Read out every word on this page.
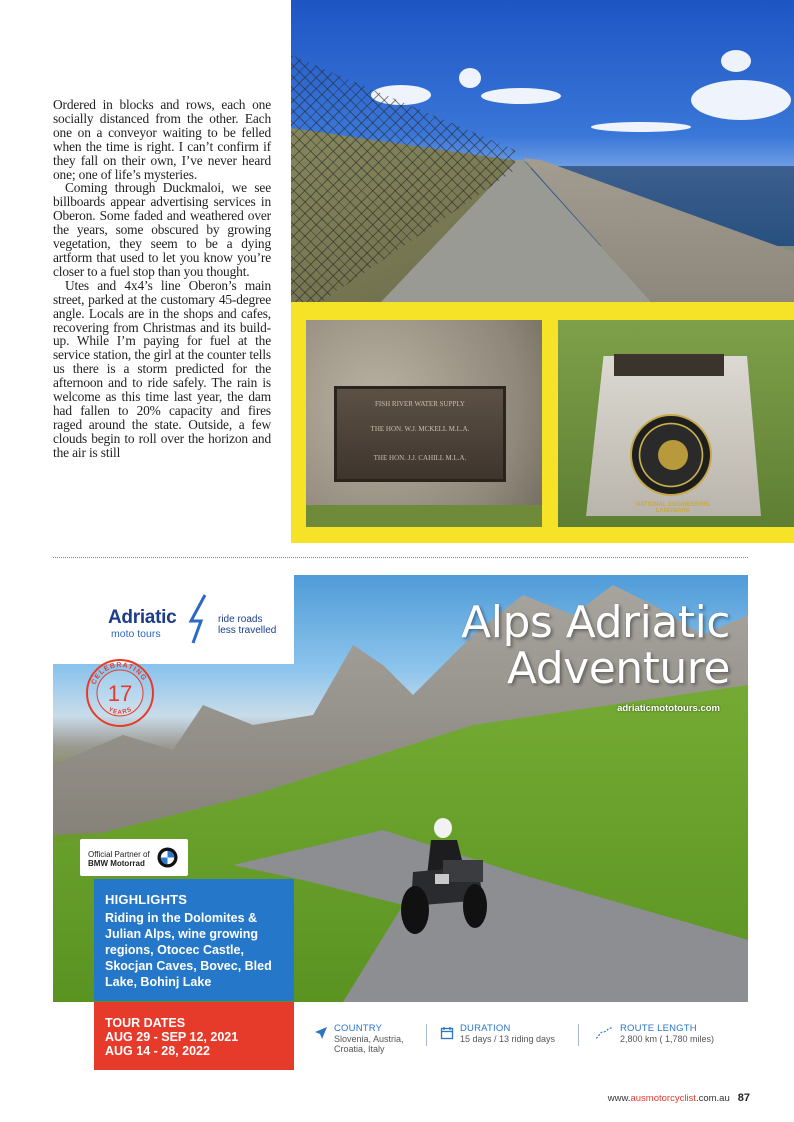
Ordered in blocks and rows, each one socially distanced from the other. Each one on a conveyor waiting to be felled when the time is right. I can’t confirm if they fall on their own, I’ve never heard one; one of life’s mysteries.

Coming through Duckmaloi, we see billboards appear advertising services in Oberon. Some faded and weathered over the years, some obscured by growing vegetation, they seem to be a dying artform that used to let you know you’re closer to a fuel stop than you thought.

Utes and 4x4’s line Oberon’s main street, parked at the customary 45-degree angle. Locals are in the shops and cafes, recovering from Christmas and its build-up. While I’m paying for fuel at the service station, the girl at the counter tells us there is a storm predicted for the afternoon and to ride safely. The rain is welcome as this time last year, the dam had fallen to 20% capacity and fires raged around the state. Outside, a few clouds begin to roll over the horizon and the air is still

FISH RIVER WATER SUPPLY
THE HON. W.J. MCKELL M.L.A.
THE HON. J.J. CAHILL M.L.A.
NATIONAL ENGINEERING LANDMARK
Adriatic
moto tours
ride roads
less travelled	Alps Adriatic
Adventure
adriaticmototours.com
CELEBRATING
17
YEARS
Official Partner of
BMW Motorrad
HIGHLIGHTS
Riding in the Dolomites & Julian Alps, wine growing regions, Otocec Castle, Skocjan Caves, Bovec, Bled Lake, Bohinj Lake
TOUR DATES
AUG 29 - SEP 12, 2021
AUG 14 - 28, 2022
COUNTRY
Slovenia, Austria,
Croatia, Italy
DURATION
15 days / 13 riding days
ROUTE LENGTH
2,800 km ( 1,780 miles)
www.ausmotorcyclist.com.au 87
